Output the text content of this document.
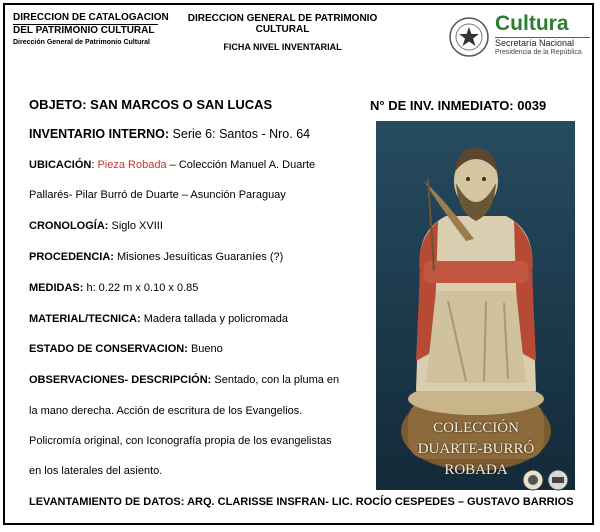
DIRECCION DE CATALOGACION
DEL PATRIMONIO CULTURAL
Dirección General de Patrimonio Cultural
DIRECCION GENERAL DE PATRIMONIO CULTURAL
FICHA NIVEL INVENTARIAL
Cultura
Secretaría Nacional
Presidencia de la República
OBJETO: SAN MARCOS O SAN LUCAS	N° DE INV. INMEDIATO: 0039
INVENTARIO INTERNO: Serie 6: Santos - Nro. 64
UBICACIÓN: Pieza Robada – Colección Manuel A. Duarte
Pallarés- Pilar Burró de Duarte – Asunción Paraguay
CRONOLOGÍA: Siglo XVIII
PROCEDENCIA: Misiones Jesuíticas Guaraníes (?)
MEDIDAS: h: 0.22 m x 0.10 x 0.85
MATERIAL/TECNICA: Madera tallada y policromada
ESTADO DE CONSERVACION: Bueno
OBSERVACIONES- DESCRIPCIÓN: Sentado, con la pluma en
la mano derecha. Acción de escritura de los Evangelios.
Policromía original, con Iconografía propia de los evangelistas
en los laterales del asiento.
COLECCIÓN
DUARTE-BURRÓ
ROBADA
LEVANTAMIENTO DE DATOS: ARQ. CLARISSE INSFRAN- LIC. ROCÍO CESPEDES – GUSTAVO BARRIOS
